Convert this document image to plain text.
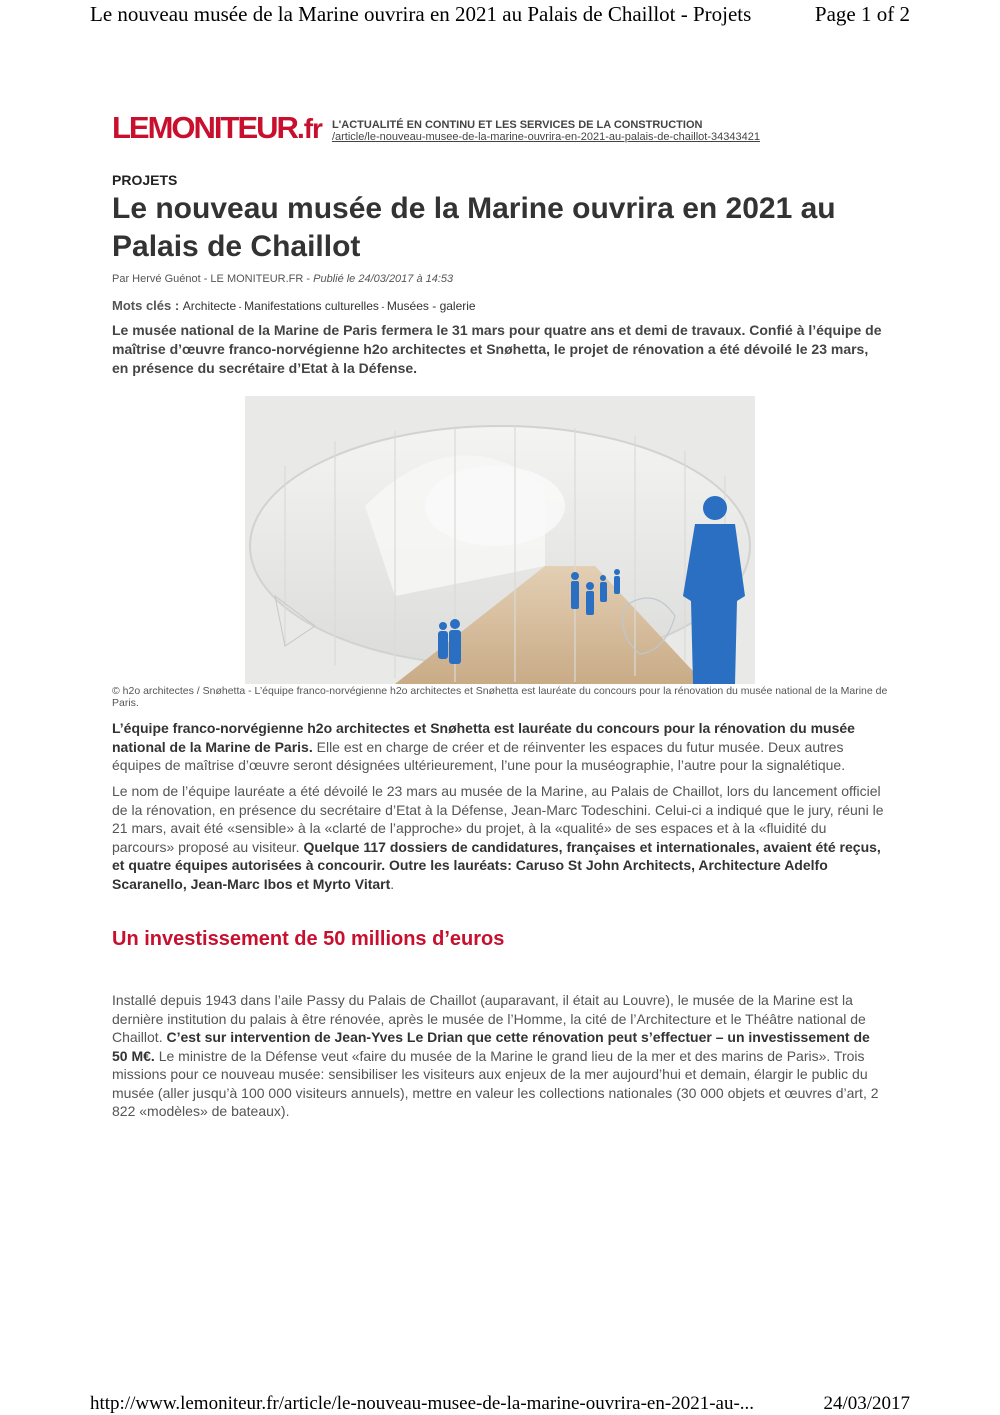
Le nouveau musée de la Marine ouvrira en 2021 au Palais de Chaillot - Projets	Page 1 of 2
LEMONITEUR.fr L'ACTUALITÉ EN CONTINU ET LES SERVICES DE LA CONSTRUCTION
/article/le-nouveau-musee-de-la-marine-ouvrira-en-2021-au-palais-de-chaillot-34343421
PROJETS
Le nouveau musée de la Marine ouvrira en 2021 au Palais de Chaillot
Par Hervé Guénot - LE MONITEUR.FR - Publié le 24/03/2017 à 14:53
Mots clés : Architecte - Manifestations culturelles - Musées - galerie
Le musée national de la Marine de Paris fermera le 31 mars pour quatre ans et demi de travaux. Confié à l’équipe de maîtrise d’œuvre franco-norvégienne h2o architectes et Snøhetta, le projet de rénovation a été dévoilé le 23 mars, en présence du secrétaire d’Etat à la Défense.
© h2o architectes / Snøhetta - L’équipe franco-norvégienne h2o architectes et Snøhetta est lauréate du concours pour la rénovation du musée national de la Marine de Paris.
L’équipe franco-norvégienne h2o architectes et Snøhetta est lauréate du concours pour la rénovation du musée national de la Marine de Paris. Elle est en charge de créer et de réinventer les espaces du futur musée. Deux autres équipes de maîtrise d’œuvre seront désignées ultérieurement, l’une pour la muséographie, l’autre pour la signalétique.
Le nom de l’équipe lauréate a été dévoilé le 23 mars au musée de la Marine, au Palais de Chaillot, lors du lancement officiel de la rénovation, en présence du secrétaire d’Etat à la Défense, Jean-Marc Todeschini. Celui-ci a indiqué que le jury, réuni le 21 mars, avait été «sensible» à la «clarté de l’approche» du projet, à la «qualité» de ses espaces et à la «fluidité du parcours» proposé au visiteur. Quelque 117 dossiers de candidatures, françaises et internationales, avaient été reçus, et quatre équipes autorisées à concourir. Outre les lauréats: Caruso St John Architects, Architecture Adelfo Scaranello, Jean-Marc Ibos et Myrto Vitart.
Un investissement de 50 millions d’euros
Installé depuis 1943 dans l’aile Passy du Palais de Chaillot (auparavant, il était au Louvre), le musée de la Marine est la dernière institution du palais à être rénovée, après le musée de l’Homme, la cité de l’Architecture et le Théâtre national de Chaillot. C’est sur intervention de Jean-Yves Le Drian que cette rénovation peut s’effectuer – un investissement de 50 M€. Le ministre de la Défense veut «faire du musée de la Marine le grand lieu de la mer et des marins de Paris». Trois missions pour ce nouveau musée: sensibiliser les visiteurs aux enjeux de la mer aujourd’hui et demain, élargir le public du musée (aller jusqu’à 100 000 visiteurs annuels), mettre en valeur les collections nationales (30 000 objets et œuvres d’art, 2 822 «modèles» de bateaux).
http://www.lemoniteur.fr/article/le-nouveau-musee-de-la-marine-ouvrira-en-2021-au-...	24/03/2017
